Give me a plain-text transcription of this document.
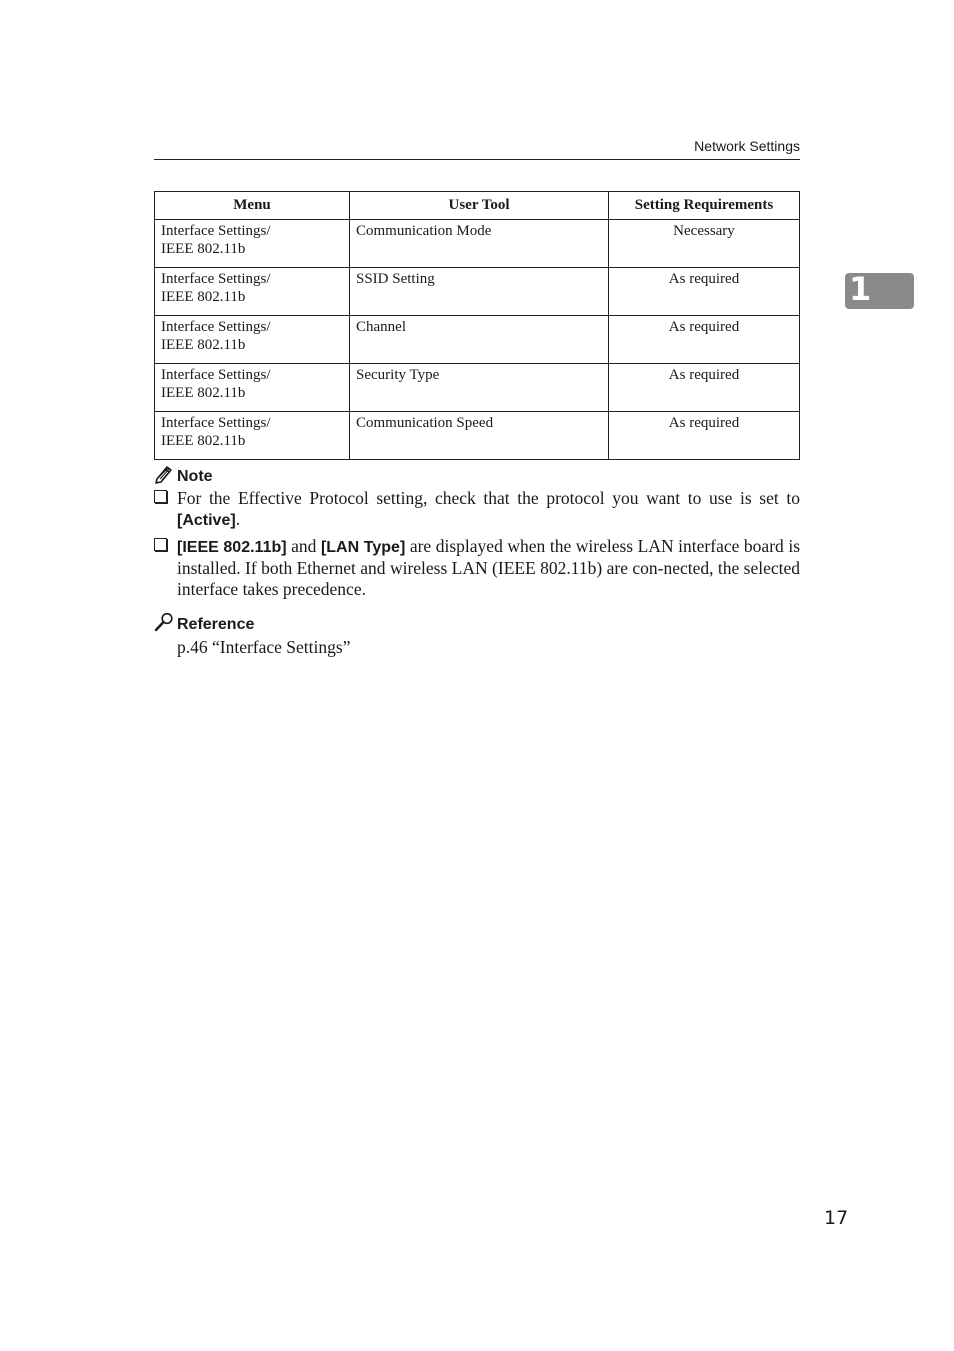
Network Settings
1
Menu	User Tool	Setting Requirements
Interface Settings/
IEEE 802.11b	Communication Mode	Necessary
Interface Settings/
IEEE 802.11b	SSID Setting	As required
Interface Settings/
IEEE 802.11b	Channel	As required
Interface Settings/
IEEE 802.11b	Security Type	As required
Interface Settings/
IEEE 802.11b	Communication Speed	As required
Note
For the Effective Protocol setting, check that the protocol you want to use is set to [Active].
[IEEE 802.11b] and [LAN Type] are displayed when the wireless LAN interface board is installed. If both Ethernet and wireless LAN (IEEE 802.11b) are con-nected, the selected interface takes precedence.
Reference
p.46 “Interface Settings”
17
